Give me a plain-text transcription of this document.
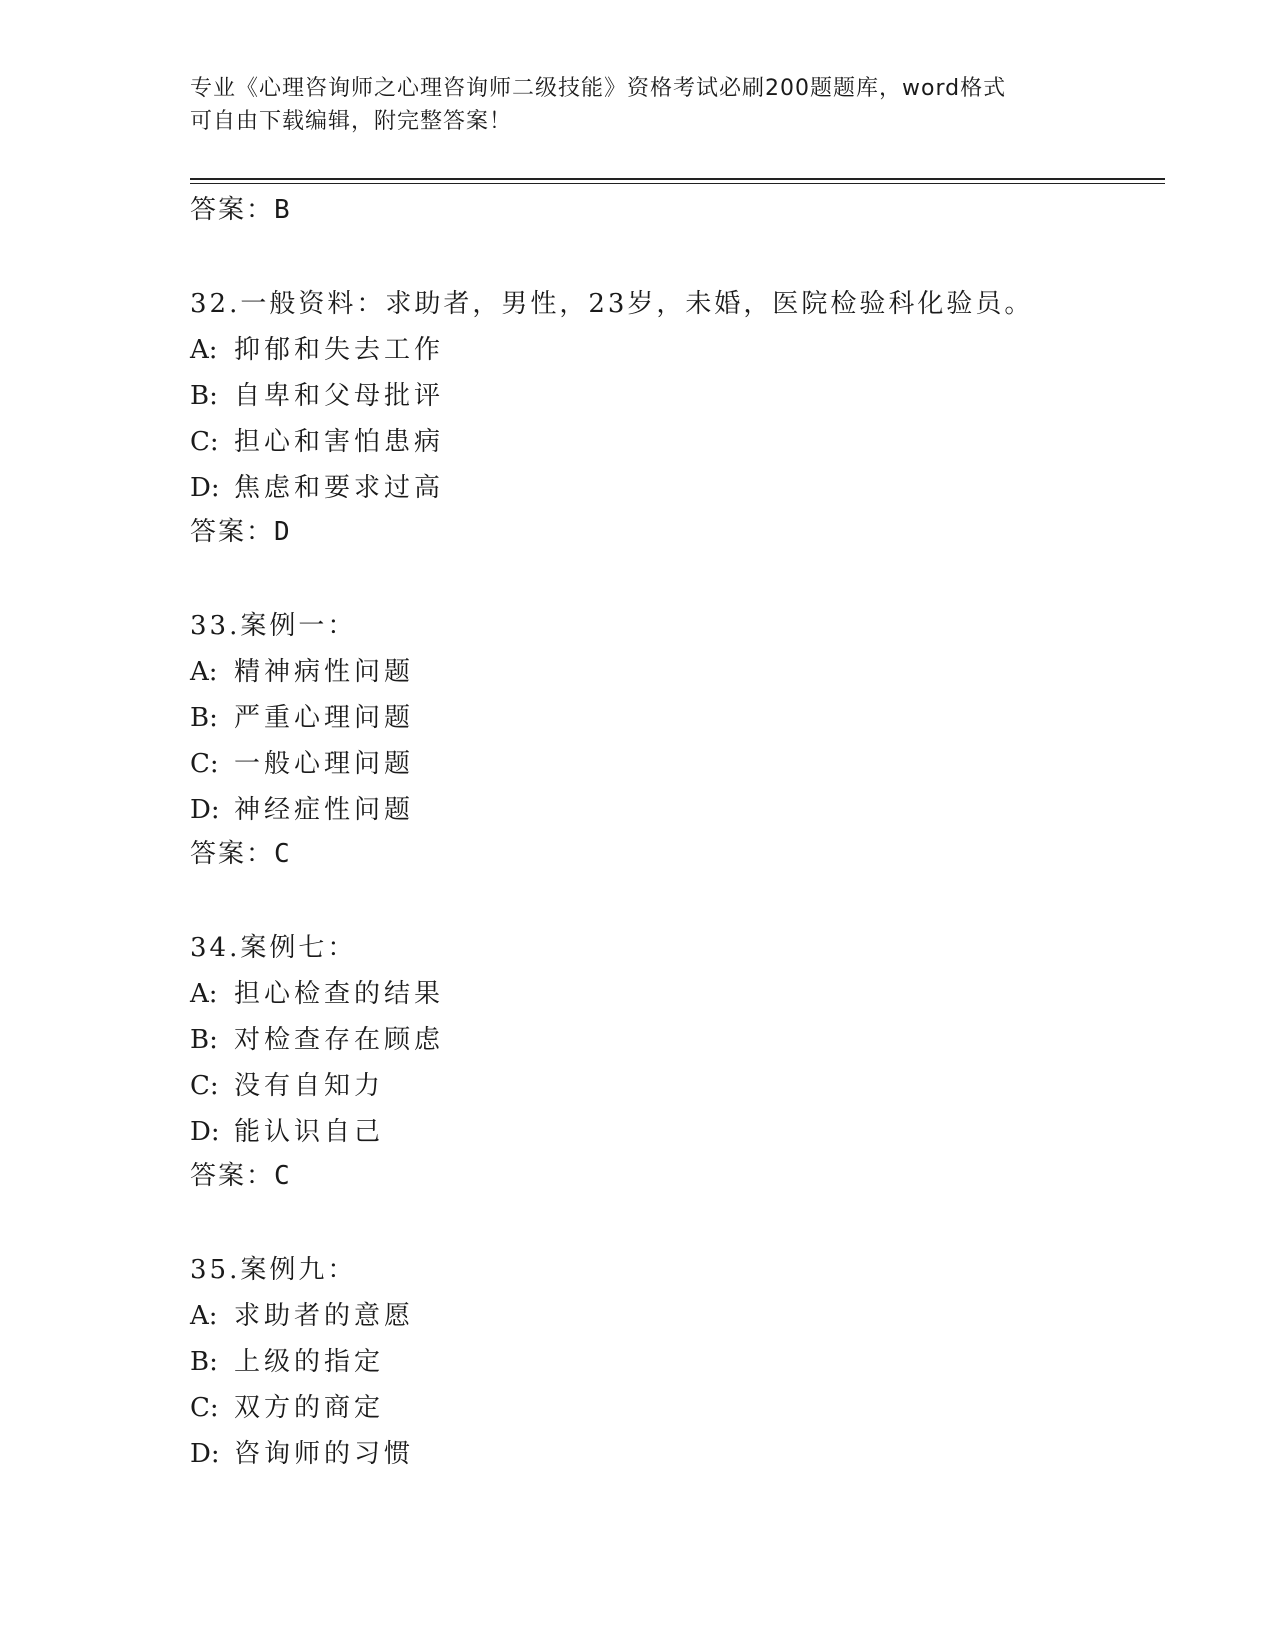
专业《心理咨询师之心理咨询师二级技能》资格考试必刷200题题库，word格式
可自由下载编辑，附完整答案！
答案：B
32.一般资料：求助者，男性，23岁，未婚，医院检验科化验员。
A: 抑郁和失去工作
B: 自卑和父母批评
C: 担心和害怕患病
D: 焦虑和要求过高
答案：D
33.案例一：
A: 精神病性问题
B: 严重心理问题
C: 一般心理问题
D: 神经症性问题
答案：C
34.案例七：
A: 担心检查的结果
B: 对检查存在顾虑
C: 没有自知力
D: 能认识自己
答案：C
35.案例九：
A: 求助者的意愿
B: 上级的指定
C: 双方的商定
D: 咨询师的习惯
